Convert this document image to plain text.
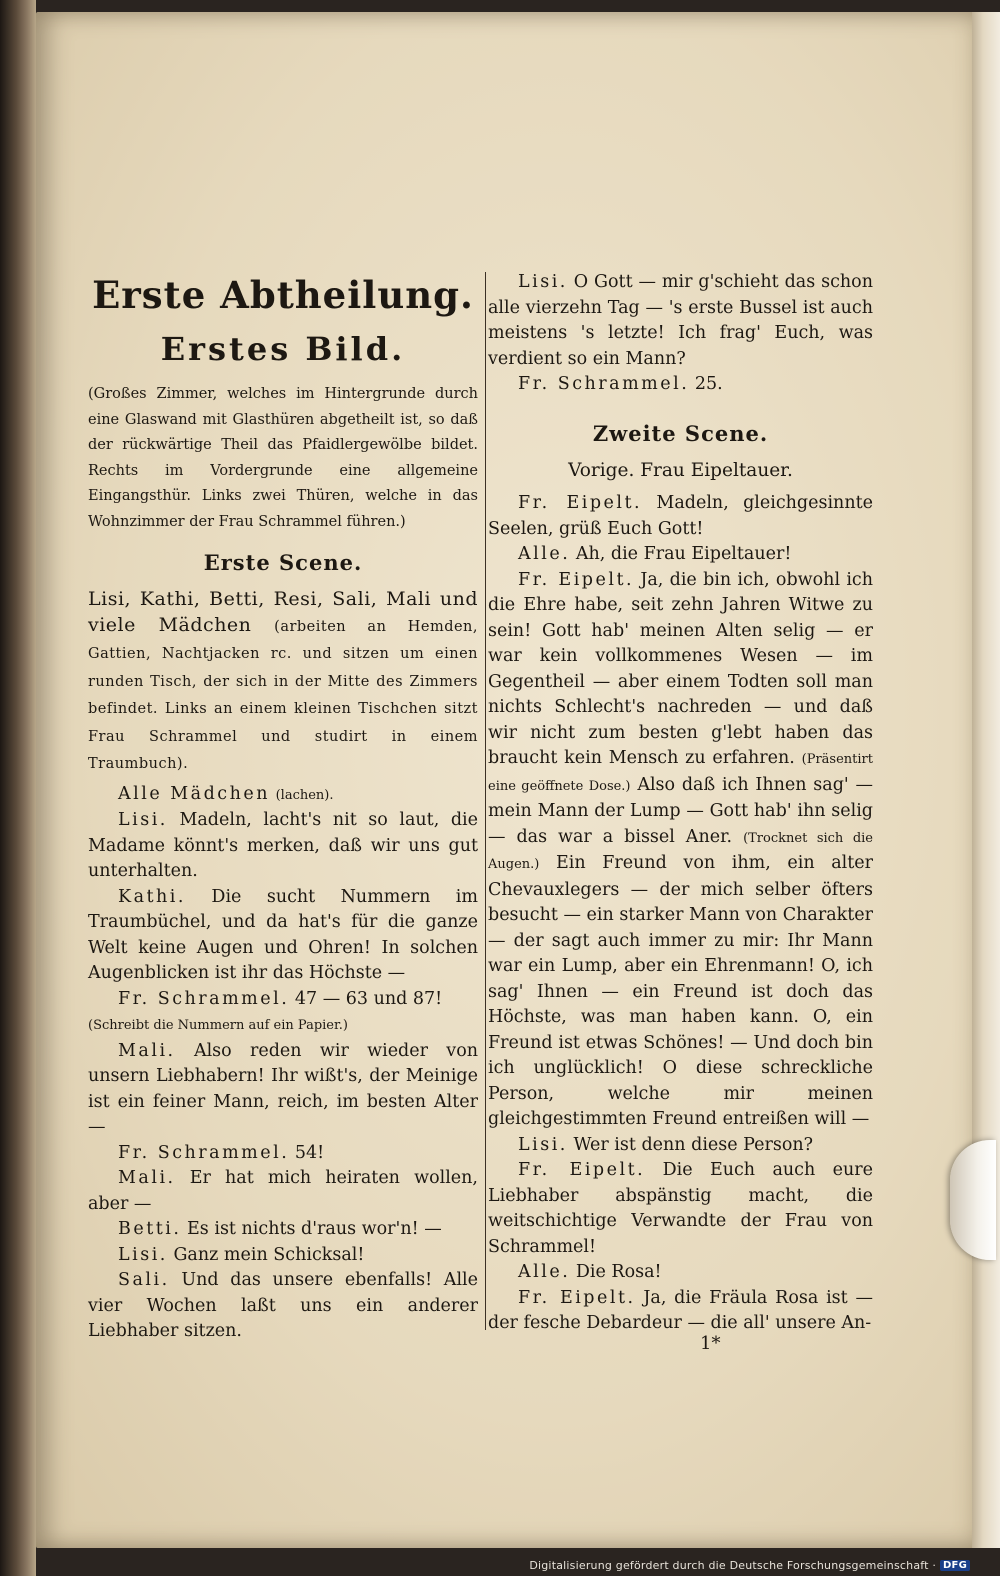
Erste Abtheilung.
Erstes Bild.

(Großes Zimmer, welches im Hintergrunde durch eine Glaswand mit Glasthüren abgetheilt ist, so daß der rückwärtige Theil das Pfaidlergewölbe bildet. Rechts im Vordergrunde eine allgemeine Eingangsthür. Links zwei Thüren, welche in das Wohnzimmer der Frau Schrammel führen.)

Erste Scene.

Lisi, Kathi, Betti, Resi, Sali, Mali und viele Mädchen (arbeiten an Hemden, Gattien, Nachtjacken rc. und sitzen um einen runden Tisch, der sich in der Mitte des Zimmers befindet. Links an einem kleinen Tischchen sitzt Frau Schrammel und studirt in einem Traumbuch).

Alle Mädchen (lachen).

Lisi. Madeln, lacht's nit so laut, die Madame könnt's merken, daß wir uns gut unterhalten.

Kathi. Die sucht Nummern im Traumbüchel, und da hat's für die ganze Welt keine Augen und Ohren! In solchen Augenblicken ist ihr das Höchste —

Fr. Schrammel. 47 — 63 und 87!

(Schreibt die Nummern auf ein Papier.)

Mali. Also reden wir wieder von unsern Liebhabern! Ihr wißt's, der Meinige ist ein feiner Mann, reich, im besten Alter —

Fr. Schrammel. 54!

Mali. Er hat mich heiraten wollen, aber —

Betti. Es ist nichts d'raus wor'n! —

Lisi. Ganz mein Schicksal!

Sali. Und das unsere ebenfalls! Alle vier Wochen laßt uns ein anderer Liebhaber sitzen.

Lisi. O Gott — mir g'schieht das schon alle vierzehn Tag — 's erste Bussel ist auch meistens 's letzte! Ich frag' Euch, was verdient so ein Mann?

Fr. Schrammel. 25.

Zweite Scene.

Vorige. Frau Eipeltauer.

Fr. Eipelt. Madeln, gleichgesinnte Seelen, grüß Euch Gott!

Alle. Ah, die Frau Eipeltauer!

Fr. Eipelt. Ja, die bin ich, obwohl ich die Ehre habe, seit zehn Jahren Witwe zu sein! Gott hab' meinen Alten selig — er war kein vollkommenes Wesen — im Gegentheil — aber einem Todten soll man nichts Schlecht's nachreden — und daß wir nicht zum besten g'lebt haben das braucht kein Mensch zu erfahren. (Präsentirt eine geöffnete Dose.) Also daß ich Ihnen sag' — mein Mann der Lump — Gott hab' ihn selig — das war a bissel Aner. (Trocknet sich die Augen.) Ein Freund von ihm, ein alter Chevauxlegers — der mich selber öfters besucht — ein starker Mann von Charakter — der sagt auch immer zu mir: Ihr Mann war ein Lump, aber ein Ehrenmann! O, ich sag' Ihnen — ein Freund ist doch das Höchste, was man haben kann. O, ein Freund ist etwas Schönes! — Und doch bin ich unglücklich! O diese schreckliche Person, welche mir meinen gleichgestimmten Freund entreißen will —

Lisi. Wer ist denn diese Person?

Fr. Eipelt. Die Euch auch eure Liebhaber abspänstig macht, die weitschichtige Verwandte der Frau von Schrammel!

Alle. Die Rosa!

Fr. Eipelt. Ja, die Fräula Rosa ist — der fesche Debardeur — die all' unsere An-

1*
Digitalisierung gefördert durch die Deutsche Forschungsgemeinschaft · DFG
